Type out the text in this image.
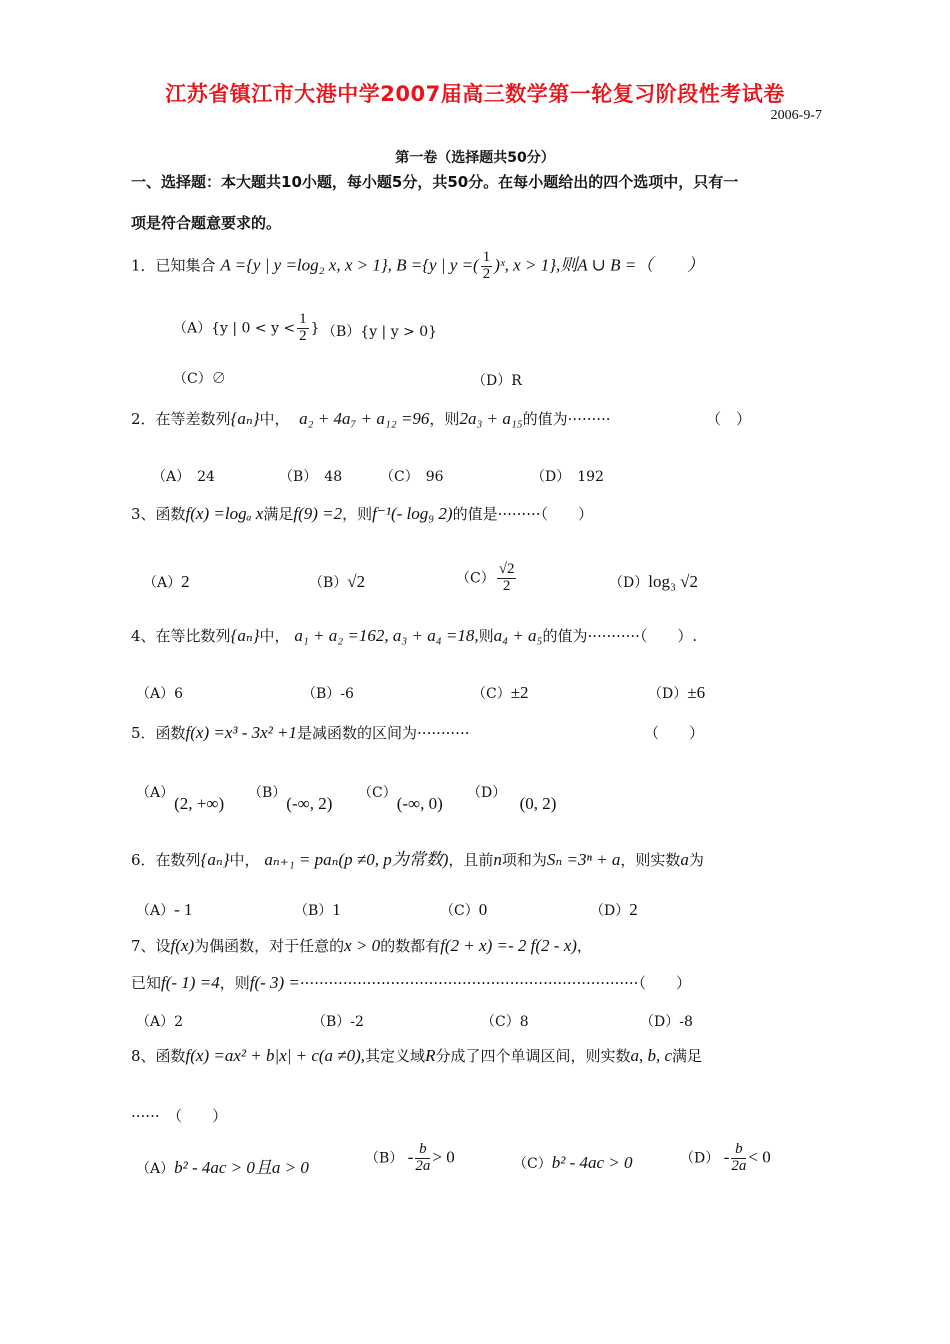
江苏省镇江市大港中学2007届高三数学第一轮复习阶段性考试卷
2006-9-7
第一卷（选择题共50分）
一、选择题：本大题共10小题，每小题5分，共50分。在每小题给出的四个选项中，只有一
项是符合题意要求的。
1．已知集合 A ={y | y =log₂ x, x > 1}, B ={y | y =( $\frac{1}{2}$ )ˣ, x > 1},则A ∪ B =（　　）
（A）{y | $0 < y < \frac{1}{2}$ } （B）{y | y > 0}
（C）∅	（D）R
2．在等差数列{aₙ}中， a₂ + 4a₇ + a₁₂ =96，则2a₃ + a₁₅的值为·········	（　）
（A）　24	（B）　48	（C）　96	（D）　192
3、函数f(x) =logₐ x满足f(9) =2，则f⁻¹(- log₉ 2)的值是·········（　　）
（A）2	（B）√2	$(C) \frac{√2}{2}$	（D）log₃ √2
4、在等比数列{aₙ}中， a₁ + a₂ =162, a₃ + a₄ =18,则a₄ + a₅的值为···········（　　）.
（A）6	（B）-6	（C）±2	（D）±6
5．函数f(x) =x³ - 3x² +1是减函数的区间为···········	（　　）
（A）(2, +∞)
（B）(-∞, 2)
（C）(-∞, 0)
（D）   (0, 2)
6．在数列{aₙ}中， aₙ₊₁ = paₙ(p ≠0, p为常数)，且前n项和为Sₙ =3ⁿ + a，则实数a为
（A）- 1	（B）1	（C）0	（D）2
7、设f(x)为偶函数，对于任意的x > 0的数都有f(2 + x) =- 2 f(2 - x)，
已知f(- 1) =4，则f(- 3) =·······································································（　　）
（A）2	（B）-2	（C）8	（D）-8
8、函数f(x) =ax² + b|x| + c(a ≠0),其定义域R分成了四个单调区间，则实数a, b, c满足
······　（　　）
（A）b² - 4ac > 0且a > 0	$(B) - \frac{b}{2a} > 0$	（C）b² - 4ac > 0	$(D) - \frac{b}{2a} < 0$
